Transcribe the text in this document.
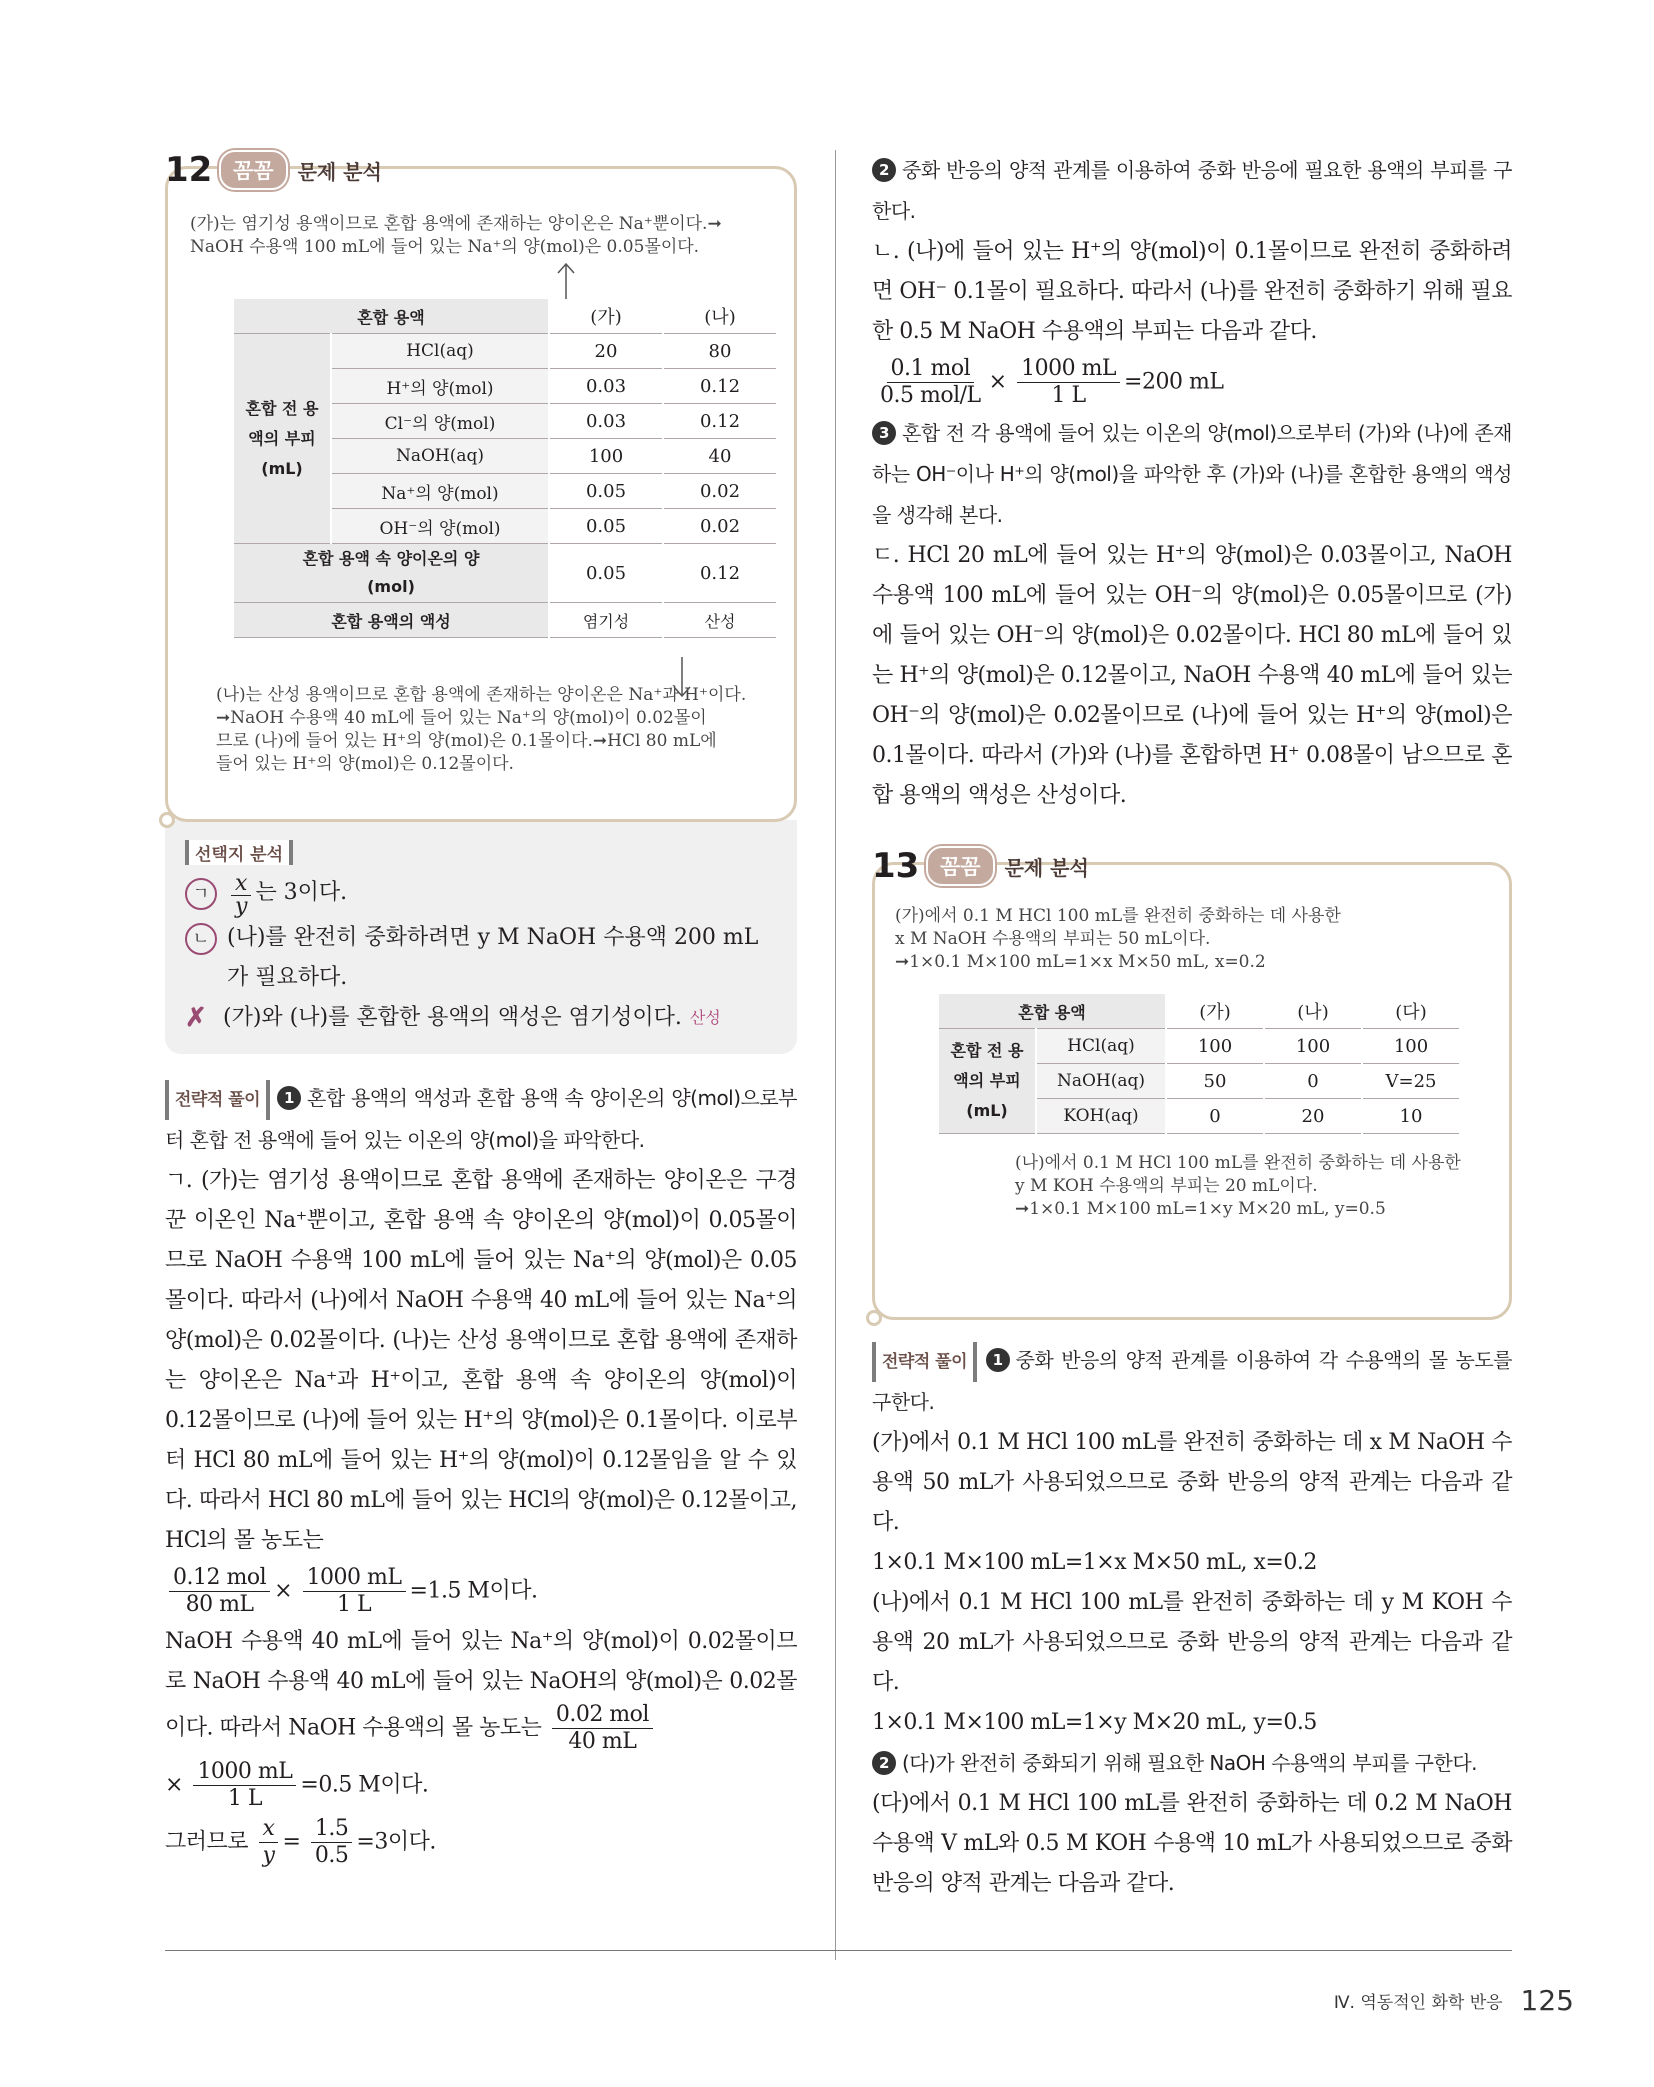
12 꼼꼼	문제 분석
(가)는 염기성 용액이므로 혼합 용액에 존재하는 양이온은 Na⁺뿐이다.➞
NaOH 수용액 100 mL에 들어 있는 Na⁺의 양(mol)은 0.05몰이다.
혼합 용액		(가)	(나)
혼합 전 용액의 부피(mL)	HCl(aq)	20	80
	H⁺의 양(mol)	0.03	0.12
	Cl⁻의 양(mol)	0.03	0.12
	NaOH(aq)	100	40
	Na⁺의 양(mol)	0.05	0.02
	OH⁻의 양(mol)	0.05	0.02
혼합 용액 속 양이온의 양(mol)		0.05	0.12
혼합 용액의 액성		염기성	산성
(나)는 산성 용액이므로 혼합 용액에 존재하는 양이온은 Na⁺과 H⁺이다.
➞NaOH 수용액 40 mL에 들어 있는 Na⁺의 양(mol)이 0.02몰이
므로 (나)에 들어 있는 H⁺의 양(mol)은 0.1몰이다.➞HCl 80 mL에
들어 있는 H⁺의 양(mol)은 0.12몰이다.
선택지 분석
ㄱ $\frac{x}{y}$ 는 3이다.
ㄴ (나)를 완전히 중화하려면 y M NaOH 수용액 200 mL
가 필요하다.
✗ (가)와 (나)를 혼합한 용액의 액성은 염기성이다. 산성
전략적 풀이 1 혼합 용액의 액성과 혼합 용액 속 양이온의 양(mol)으로부터 혼합 전 용액에 들어 있는 이온의 양(mol)을 파악한다.
ㄱ. (가)는 염기성 용액이므로 혼합 용액에 존재하는 양이온은 구경꾼 이온인 Na⁺뿐이고, 혼합 용액 속 양이온의 양(mol)이 0.05몰이므로 NaOH 수용액 100 mL에 들어 있는 Na⁺의 양(mol)은 0.05몰이다. 따라서 (나)에서 NaOH 수용액 40 mL에 들어 있는 Na⁺의 양(mol)은 0.02몰이다. (나)는 산성 용액이므로 혼합 용액에 존재하는 양이온은 Na⁺과 H⁺이고, 혼합 용액 속 양이온의 양(mol)이 0.12몰이므로 (나)에 들어 있는 H⁺의 양(mol)은 0.1몰이다. 이로부터 HCl 80 mL에 들어 있는 H⁺의 양(mol)이 0.12몰임을 알 수 있다. 따라서 HCl 80 mL에 들어 있는 HCl의 양(mol)은 0.12몰이고, HCl의 몰 농도는
$\frac{\text{0.12 mol}}{80 mL} \times \frac{1000 mL}{1 L} =1.5$ M이다.
NaOH 수용액 40 mL에 들어 있는 Na⁺의 양(mol)이 0.02몰이므로 NaOH 수용액 40 mL에 들어 있는 NaOH의 양(mol)은 0.02몰이다. 따라서 NaOH 수용액의 몰 농도는 $\frac{\text{0.02 mol}}{40 mL}$
× $\frac{1000 mL}{1 L} =0.5$ M이다.
그러므로 $\frac{x}{y} = \frac{1.5}{0.5} =3$이다.
2 중화 반응의 양적 관계를 이용하여 중화 반응에 필요한 용액의 부피를 구한다.
ㄴ. (나)에 들어 있는 H⁺의 양(mol)이 0.1몰이므로 완전히 중화하려면 OH⁻ 0.1몰이 필요하다. 따라서 (나)를 완전히 중화하기 위해 필요한 0.5 M NaOH 수용액의 부피는 다음과 같다.
$\frac{\text{0.1 mol}}{\text{0.5 mol/L}} \times \frac{1000 mL}{1 L} =200$ mL
3 혼합 전 각 용액에 들어 있는 이온의 양(mol)으로부터 (가)와 (나)에 존재하는 OH⁻이나 H⁺의 양(mol)을 파악한 후 (가)와 (나)를 혼합한 용액의 액성을 생각해 본다.
ㄷ. HCl 20 mL에 들어 있는 H⁺의 양(mol)은 0.03몰이고, NaOH 수용액 100 mL에 들어 있는 OH⁻의 양(mol)은 0.05몰이므로 (가)에 들어 있는 OH⁻의 양(mol)은 0.02몰이다. HCl 80 mL에 들어 있는 H⁺의 양(mol)은 0.12몰이고, NaOH 수용액 40 mL에 들어 있는 OH⁻의 양(mol)은 0.02몰이므로 (나)에 들어 있는 H⁺의 양(mol)은 0.1몰이다. 따라서 (가)와 (나)를 혼합하면 H⁺ 0.08몰이 남으므로 혼합 용액의 액성은 산성이다.
13 꼼꼼	문제 분석
(가)에서 0.1 M HCl 100 mL를 완전히 중화하는 데 사용한
x M NaOH 수용액의 부피는 50 mL이다.
➞1×0.1 M×100 mL=1×x M×50 mL, x=0.2
혼합 용액		(가)	(나)	(다)
혼합 전 용액의 부피(mL)	HCl(aq)	100	100	100
	NaOH(aq)	50	0	V=25
	KOH(aq)	0	20	10
(나)에서 0.1 M HCl 100 mL를 완전히 중화하는 데 사용한
y M KOH 수용액의 부피는 20 mL이다.
➞1×0.1 M×100 mL=1×y M×20 mL, y=0.5
전략적 풀이 1 중화 반응의 양적 관계를 이용하여 각 수용액의 몰 농도를 구한다.
(가)에서 0.1 M HCl 100 mL를 완전히 중화하는 데 x M NaOH 수용액 50 mL가 사용되었으므로 중화 반응의 양적 관계는 다음과 같다.
1×0.1 M×100 mL=1×x M×50 mL, x=0.2
(나)에서 0.1 M HCl 100 mL를 완전히 중화하는 데 y M KOH 수용액 20 mL가 사용되었으므로 중화 반응의 양적 관계는 다음과 같다.
1×0.1 M×100 mL=1×y M×20 mL, y=0.5
2 (다)가 완전히 중화되기 위해 필요한 NaOH 수용액의 부피를 구한다.
(다)에서 0.1 M HCl 100 mL를 완전히 중화하는 데 0.2 M NaOH 수용액 V mL와 0.5 M KOH 수용액 10 mL가 사용되었으므로 중화 반응의 양적 관계는 다음과 같다.
Ⅳ. 역동적인 화학 반응 125
